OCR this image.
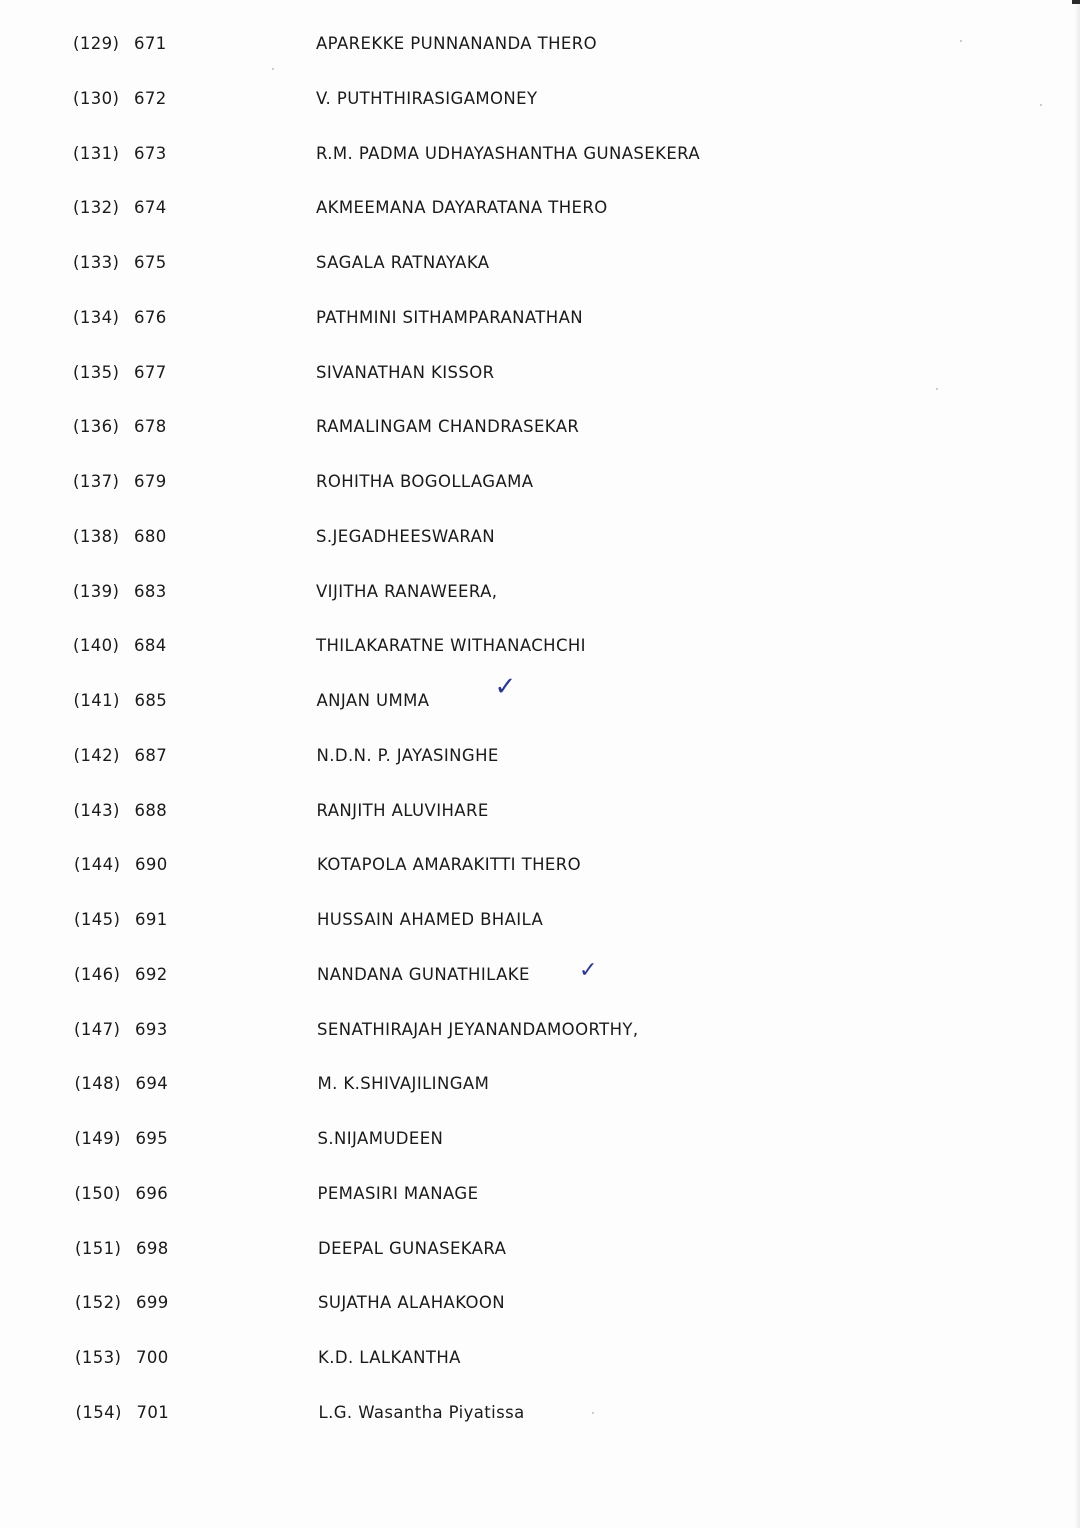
(129) 671	APAREKKE PUNNANANDA THERO
(130) 672	V. PUTHTHIRASIGAMONEY
(131) 673	R.M. PADMA UDHAYASHANTHA GUNASEKERA
(132) 674	AKMEEMANA DAYARATANA THERO
(133) 675	SAGALA RATNAYAKA
(134) 676	PATHMINI SITHAMPARANATHAN
(135) 677	SIVANATHAN KISSOR
(136) 678	RAMALINGAM CHANDRASEKAR
(137) 679	ROHITHA BOGOLLAGAMA
(138) 680	S.JEGADHEESWARAN
(139) 683	VIJITHA RANAWEERA,
(140) 684	THILAKARATNE WITHANACHCHI
(141) 685	ANJAN UMMA	✓
(142) 687	N.D.N. P. JAYASINGHE
(143) 688	RANJITH ALUVIHARE
(144) 690	KOTAPOLA AMARAKITTI THERO
(145) 691	HUSSAIN AHAMED BHAILA
(146) 692	NANDANA GUNATHILAKE ✓
(147) 693	SENATHIRAJAH JEYANANDAMOORTHY,
(148) 694	M. K.SHIVAJILINGAM
(149) 695	S.NIJAMUDEEN
(150) 696	PEMASIRI MANAGE
(151) 698	DEEPAL GUNASEKARA
(152) 699	SUJATHA ALAHAKOON
(153) 700	K.D. LALKANTHA
(154) 701	L.G. Wasantha Piyatissa
